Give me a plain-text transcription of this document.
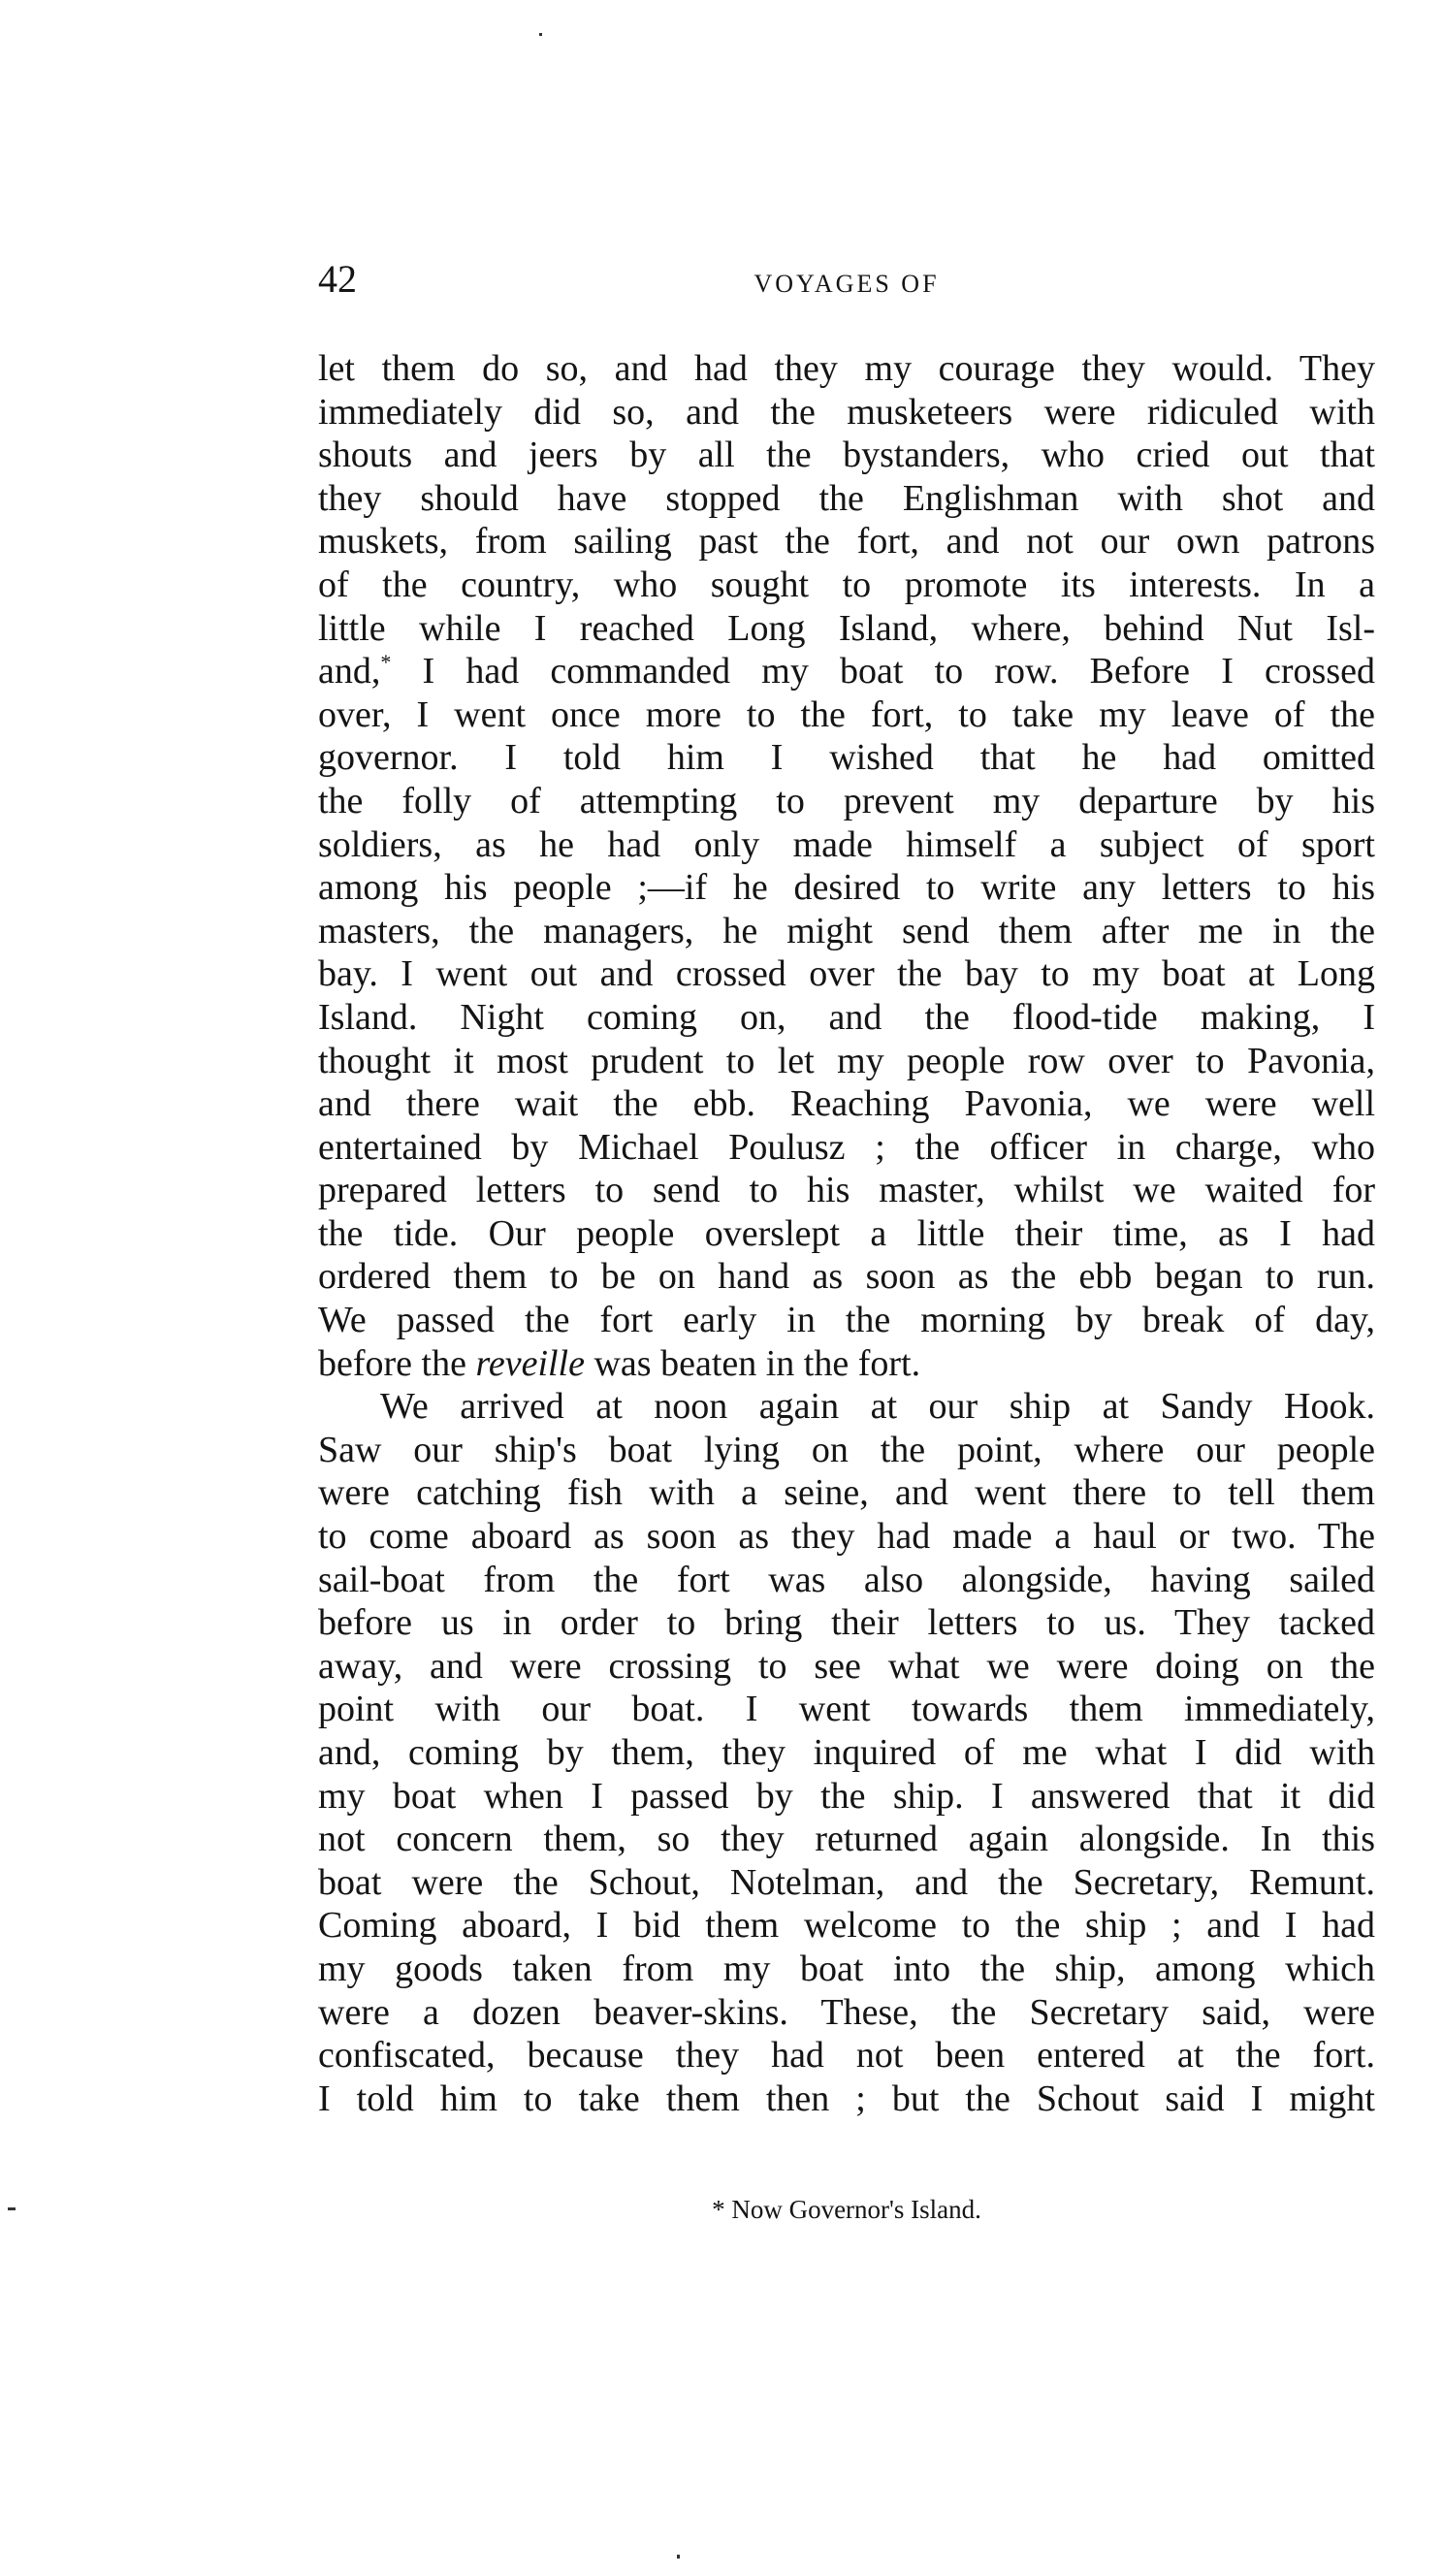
42	VOYAGES OF
let them do so, and had they my courage they would. They
immediately did so, and the musketeers were ridiculed with
shouts and jeers by all the bystanders, who cried out that
they should have stopped the Englishman with shot and
muskets, from sailing past the fort, and not our own patrons
of the country, who sought to promote its interests. In a
little while I reached Long Island, where, behind Nut Isl-
and,* I had commanded my boat to row. Before I crossed
over, I went once more to the fort, to take my leave of the
governor. I told him I wished that he had omitted
the folly of attempting to prevent my departure by his
soldiers, as he had only made himself a subject of sport
among his people ;—if he desired to write any letters to his
masters, the managers, he might send them after me in the
bay. I went out and crossed over the bay to my boat at Long
Island. Night coming on, and the flood-tide making, I
thought it most prudent to let my people row over to Pavonia,
and there wait the ebb. Reaching Pavonia, we were well
entertained by Michael Poulusz ; the officer in charge, who
prepared letters to send to his master, whilst we waited for
the tide. Our people overslept a little their time, as I had
ordered them to be on hand as soon as the ebb began to run.
We passed the fort early in the morning by break of day,
before the reveille was beaten in the fort.
We arrived at noon again at our ship at Sandy Hook.
Saw our ship's boat lying on the point, where our people
were catching fish with a seine, and went there to tell them
to come aboard as soon as they had made a haul or two. The
sail-boat from the fort was also alongside, having sailed
before us in order to bring their letters to us. They tacked
away, and were crossing to see what we were doing on the
point with our boat. I went towards them immediately,
and, coming by them, they inquired of me what I did with
my boat when I passed by the ship. I answered that it did
not concern them, so they returned again alongside. In this
boat were the Schout, Notelman, and the Secretary, Remunt.
Coming aboard, I bid them welcome to the ship ; and I had
my goods taken from my boat into the ship, among which
were a dozen beaver-skins. These, the Secretary said, were
confiscated, because they had not been entered at the fort.
I told him to take them then ; but the Schout said I might
* Now Governor's Island.
